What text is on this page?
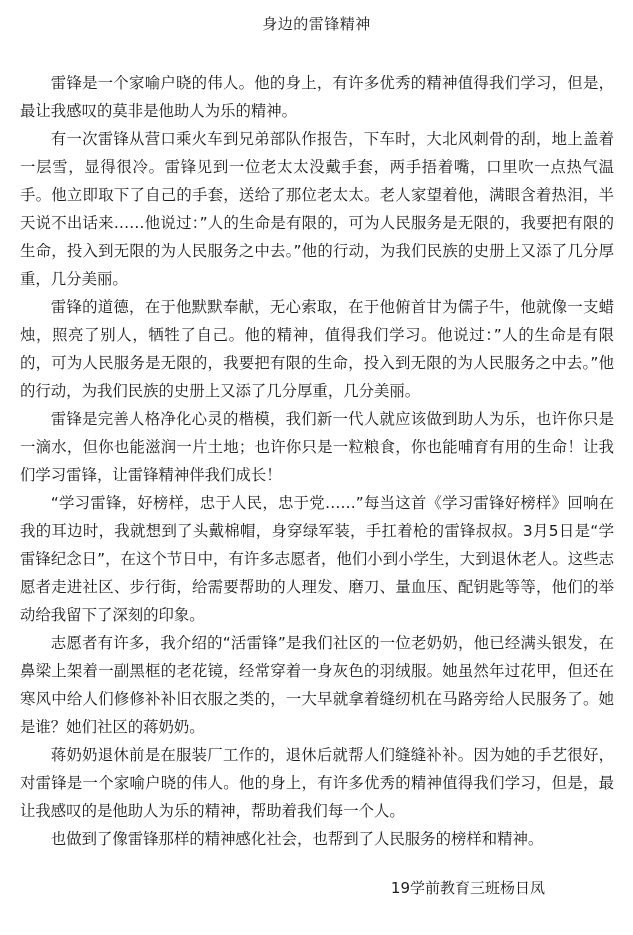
身边的雷锋精神

雷锋是一个家喻户晓的伟人。他的身上，有许多优秀的精神值得我们学习，但是，最让我感叹的莫非是他助人为乐的精神。

有一次雷锋从营口乘火车到兄弟部队作报告，下车时，大北风刺骨的刮，地上盖着一层雪，显得很冷。雷锋见到一位老太太没戴手套，两手捂着嘴，口里吹一点热气温手。他立即取下了自己的手套，送给了那位老太太。老人家望着他，满眼含着热泪，半天说不出话来……他说过：”人的生命是有限的，可为人民服务是无限的，我要把有限的生命，投入到无限的为人民服务之中去。”他的行动，为我们民族的史册上又添了几分厚重，几分美丽。

雷锋的道德，在于他默默奉献，无心索取，在于他俯首甘为儒子牛，他就像一支蜡烛，照亮了别人，牺牲了自己。他的精神，值得我们学习。他说过：”人的生命是有限的，可为人民服务是无限的，我要把有限的生命，投入到无限的为人民服务之中去。”他的行动，为我们民族的史册上又添了几分厚重，几分美丽。

雷锋是完善人格净化心灵的楷模，我们新一代人就应该做到助人为乐，也许你只是一滴水，但你也能滋润一片土地；也许你只是一粒粮食，你也能哺育有用的生命！让我们学习雷锋，让雷锋精神伴我们成长！

“学习雷锋，好榜样，忠于人民，忠于党……”每当这首《学习雷锋好榜样》回响在我的耳边时，我就想到了头戴棉帽，身穿绿军装，手扛着枪的雷锋叔叔。3月5日是“学雷锋纪念日”，在这个节日中，有许多志愿者，他们小到小学生，大到退休老人。这些志愿者走进社区、步行街，给需要帮助的人理发、磨刀、量血压、配钥匙等等，他们的举动给我留下了深刻的印象。

志愿者有许多，我介绍的“活雷锋”是我们社区的一位老奶奶，他已经满头银发，在鼻梁上架着一副黑框的老花镜，经常穿着一身灰色的羽绒服。她虽然年过花甲，但还在寒风中给人们修修补补旧衣服之类的，一大早就拿着缝纫机在马路旁给人民服务了。她是谁？她们社区的蒋奶奶。

蒋奶奶退休前是在服装厂工作的，退休后就帮人们缝缝补补。因为她的手艺很好，对雷锋是一个家喻户晓的伟人。他的身上，有许多优秀的精神值得我们学习，但是，最让我感叹的是他助人为乐的精神，帮助着我们每一个人。

也做到了像雷锋那样的精神感化社会，也帮到了人民服务的榜样和精神。

19学前教育三班杨日凤
